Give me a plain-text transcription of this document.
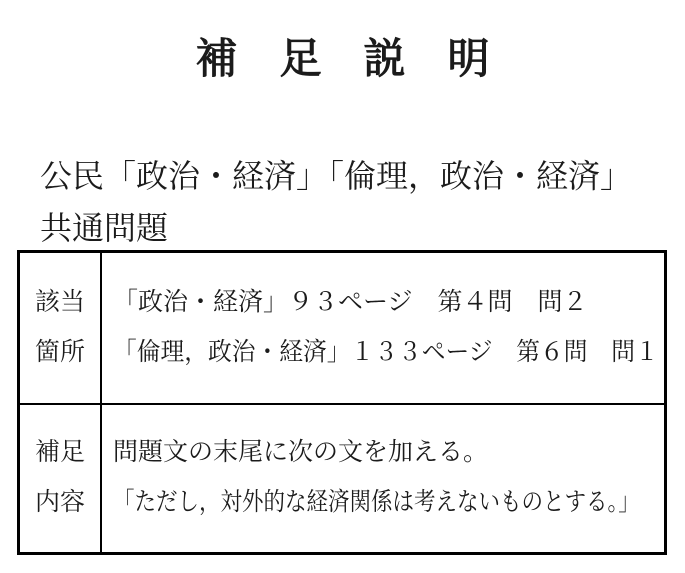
補　足　説　明
公民「政治・経済」「倫理，政治・経済」
共通問題
該当
箇所
「政治・経済」９３ページ　第４問　問２
「倫理，政治・経済」１３３ページ　第６問　問１
補足
内容
問題文の末尾に次の文を加える。
「ただし，対外的な経済関係は考えないものとする。」
